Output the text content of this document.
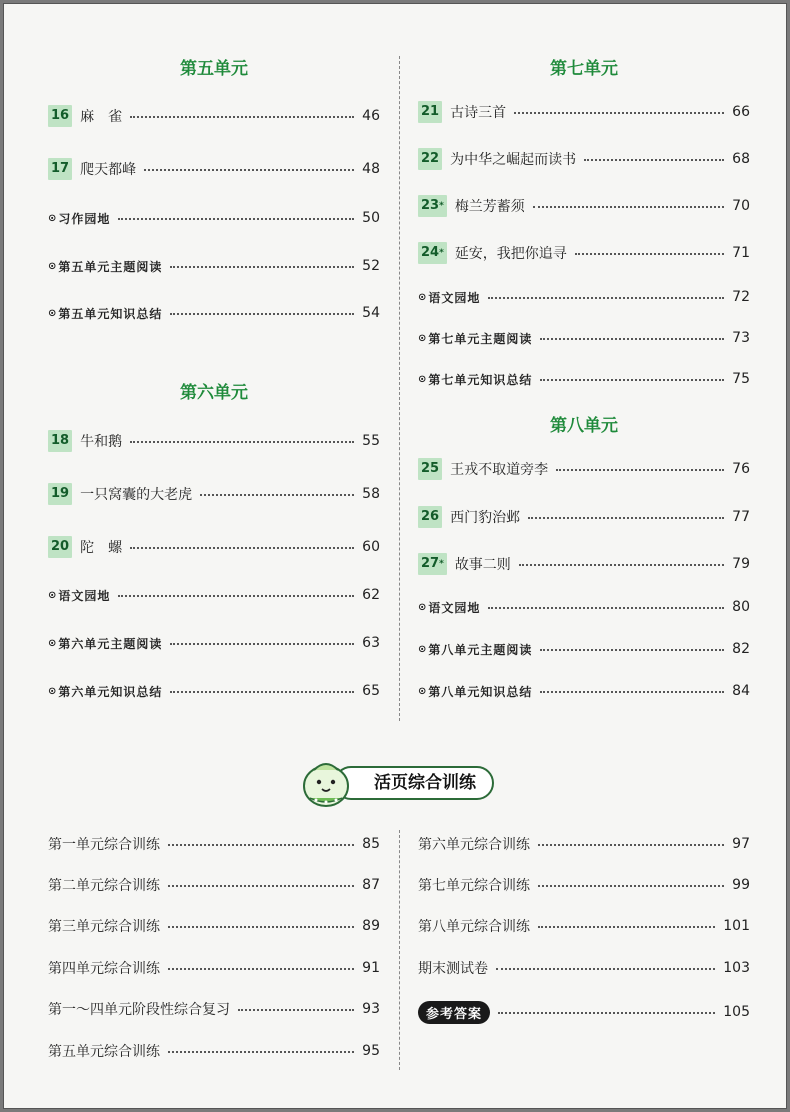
第五单元
16 麻　雀	46
17 爬天都峰	48
⊙ 习作园地	50
⊙ 第五单元主题阅读	52
⊙ 第五单元知识总结	54
第六单元
18 牛和鹅	55
19 一只窝囊的大老虎	58
20 陀　螺	60
⊙ 语文园地	62
⊙ 第六单元主题阅读	63
⊙ 第六单元知识总结	65
第一单元综合训练	85
第二单元综合训练	87
第三单元综合训练	89
第四单元综合训练	91
第一～四单元阶段性综合复习	93
第五单元综合训练	95
第七单元
21 古诗三首	66
22 为中华之崛起而读书	68
23 *	梅兰芳蓄须	70
24 *	延安，我把你追寻	71
⊙ 语文园地	72
⊙ 第七单元主题阅读	73
⊙ 第七单元知识总结	75
第八单元
25 王戎不取道旁李	76
26 西门豹治邺	77
27 *	故事二则	79
⊙ 语文园地	80
⊙ 第八单元主题阅读	82
⊙ 第八单元知识总结	84
第六单元综合训练	97
第七单元综合训练	99
第八单元综合训练	101
期末测试卷	103
参考答案	105
活页综合训练
